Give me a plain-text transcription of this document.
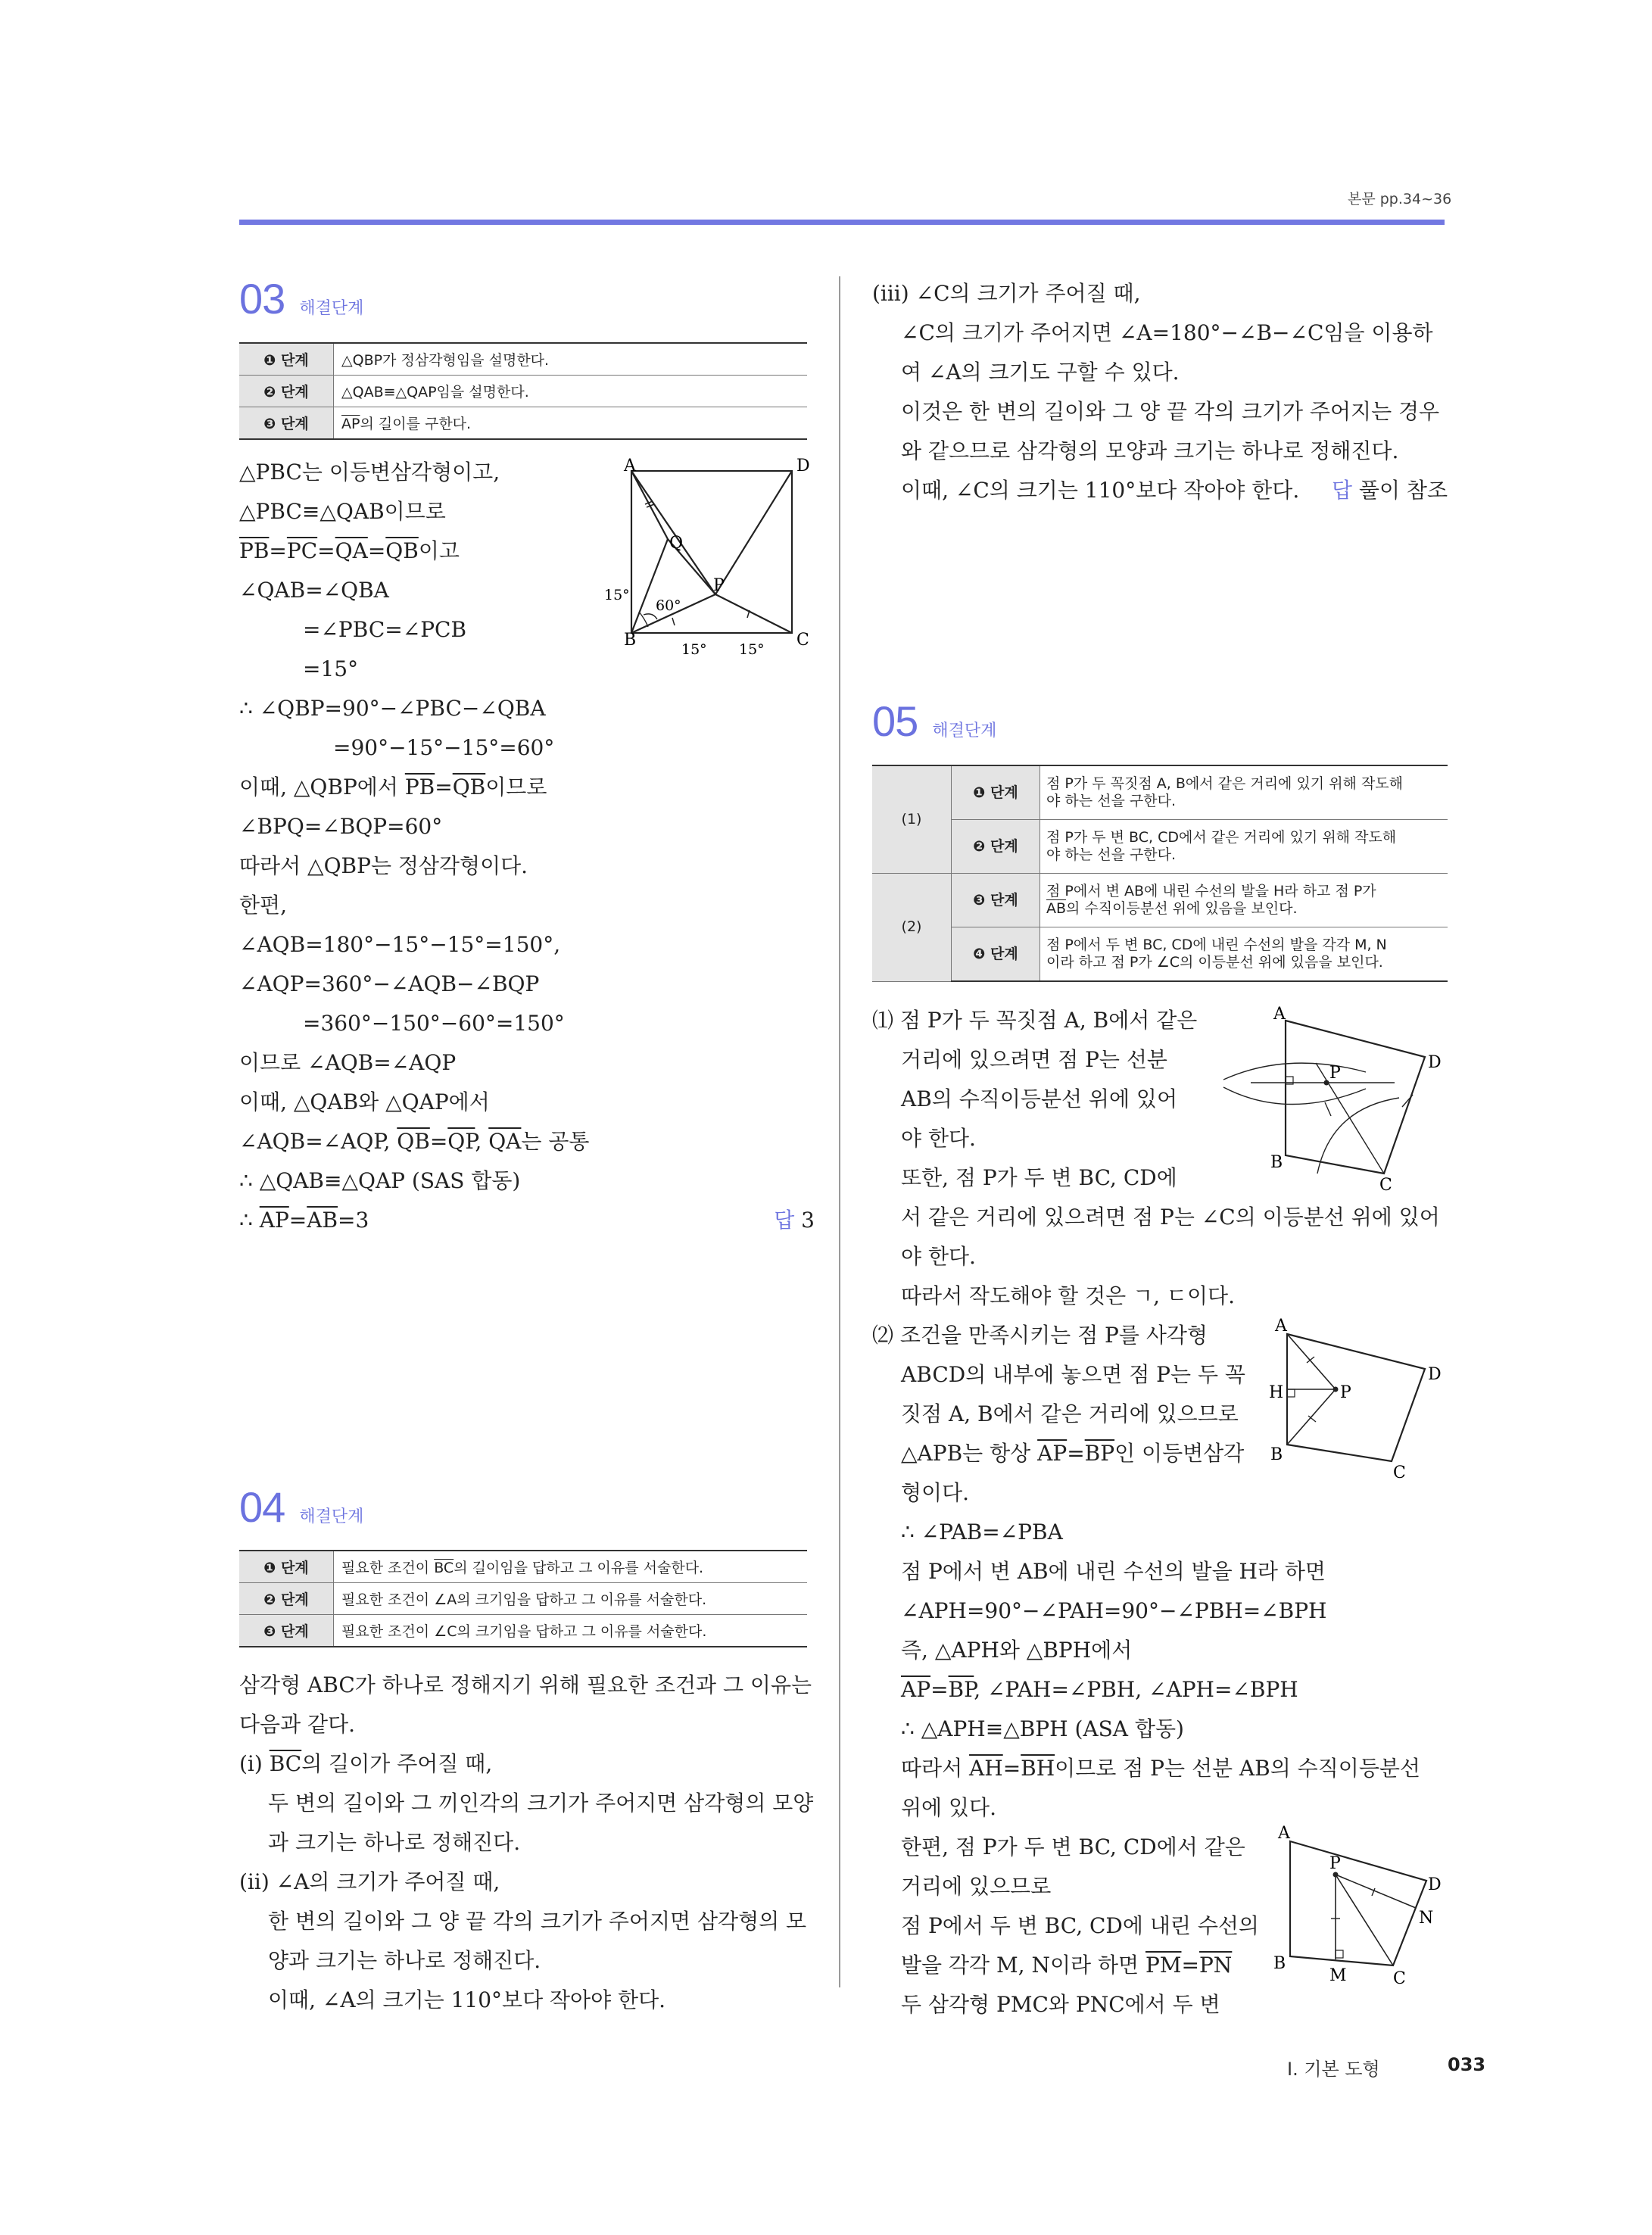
본문 pp.34~36
03 해결단계
❶ 단계	△QBP가 정삼각형임을 설명한다.
❷ 단계	△QAB≡△QAP임을 설명한다.
❸ 단계	$\overline{AP}$의 길이를 구한다.
△PBC는 이등변삼각형이고,
△PBC≡△QAB이므로
$\overline{PB}=\overline{PC}=\overline{QA}=\overline{QB}$이고
∠QAB=∠QBA
=∠PBC=∠PCB
=15°
∴ ∠QBP=90°−∠PBC−∠QBA
=90°−15°−15°=60°
이때, △QBP에서 $\overline{PB}=\overline{QB}$이므로
∠BPQ=∠BQP=60°
따라서 △QBP는 정삼각형이다.
한편,
∠AQB=180°−15°−15°=150°,
∠AQP=360°−∠AQB−∠BQP
=360°−150°−60°=150°
이므로 ∠AQB=∠AQP
이때, △QAB와 △QAP에서
∠AQB=∠AQP, $\overline{QB}=\overline{QP}$, $\overline{QA}$는 공통
∴ △QAB≡△QAP (SAS 합동)
∴ $\overline{AP}=\overline{AB}=3$	답 3
A	D
Q
P
B	C
15°
60°
15° 15°
04 해결단계
❶ 단계	필요한 조건이 $\overline{BC}$의 길이임을 답하고 그 이유를 서술한다.
❷ 단계	필요한 조건이 ∠A의 크기임을 답하고 그 이유를 서술한다.
❸ 단계	필요한 조건이 ∠C의 크기임을 답하고 그 이유를 서술한다.
삼각형 ABC가 하나로 정해지기 위해 필요한 조건과 그 이유는
다음과 같다.
(ⅰ) $\overline{BC}$의 길이가 주어질 때,
두 변의 길이와 그 끼인각의 크기가 주어지면 삼각형의 모양
과 크기는 하나로 정해진다.
(ⅱ) ∠A의 크기가 주어질 때,
한 변의 길이와 그 양 끝 각의 크기가 주어지면 삼각형의 모
양과 크기는 하나로 정해진다.
이때, ∠A의 크기는 110°보다 작아야 한다.
(ⅲ) ∠C의 크기가 주어질 때,
∠C의 크기가 주어지면 ∠A=180°−∠B−∠C임을 이용하
여 ∠A의 크기도 구할 수 있다.
이것은 한 변의 길이와 그 양 끝 각의 크기가 주어지는 경우
와 같으므로 삼각형의 모양과 크기는 하나로 정해진다.
이때, ∠C의 크기는 110°보다 작아야 한다. 답 풀이 참조
05 해결단계
(1)	❶ 단계	점 P가 두 꼭짓점 A, B에서 같은 거리에 있기 위해 작도해
야 하는 선을 구한다.

	❷ 단계	점 P가 두 변 BC, CD에서 같은 거리에 있기 위해 작도해
야 하는 선을 구한다.

(2)	❸ 단계	점 P에서 변 AB에 내린 수선의 발을 H라 하고 점 P가
$\overline{AB}$의 수직이등분선 위에 있음을 보인다.

	❹ 단계	점 P에서 두 변 BC, CD에 내린 수선의 발을 각각 M, N
이라 하고 점 P가 ∠C의 이등분선 위에 있음을 보인다.
⑴ 점 P가 두 꼭짓점 A, B에서 같은
거리에 있으려면 점 P는 선분
AB의 수직이등분선 위에 있어
야 한다.
또한, 점 P가 두 변 BC, CD에
서 같은 거리에 있으려면 점 P는 ∠C의 이등분선 위에 있어
야 한다.
따라서 작도해야 할 것은 ㄱ, ㄷ이다.
⑵ 조건을 만족시키는 점 P를 사각형
ABCD의 내부에 놓으면 점 P는 두 꼭
짓점 A, B에서 같은 거리에 있으므로
△APB는 항상 $\overline{AP}=\overline{BP}$인 이등변삼각
형이다.
∴ ∠PAB=∠PBA
점 P에서 변 AB에 내린 수선의 발을 H라 하면
∠APH=90°−∠PAH=90°−∠PBH=∠BPH
즉, △APH와 △BPH에서
$\overline{AP}=\overline{BP}$, ∠PAH=∠PBH, ∠APH=∠BPH
∴ △APH≡△BPH (ASA 합동)
따라서 $\overline{AH}=\overline{BH}$이므로 점 P는 선분 AB의 수직이등분선
위에 있다.
한편, 점 P가 두 변 BC, CD에서 같은
거리에 있으므로
점 P에서 두 변 BC, CD에 내린 수선의
발을 각각 M, N이라 하면 $\overline{PM}=\overline{PN}$
두 삼각형 PMC와 PNC에서 두 변
A
D
P
B
C
A
D
H	P
B
C
A
D
P
N
B
M	C
Ⅰ. 기본 도형	033
